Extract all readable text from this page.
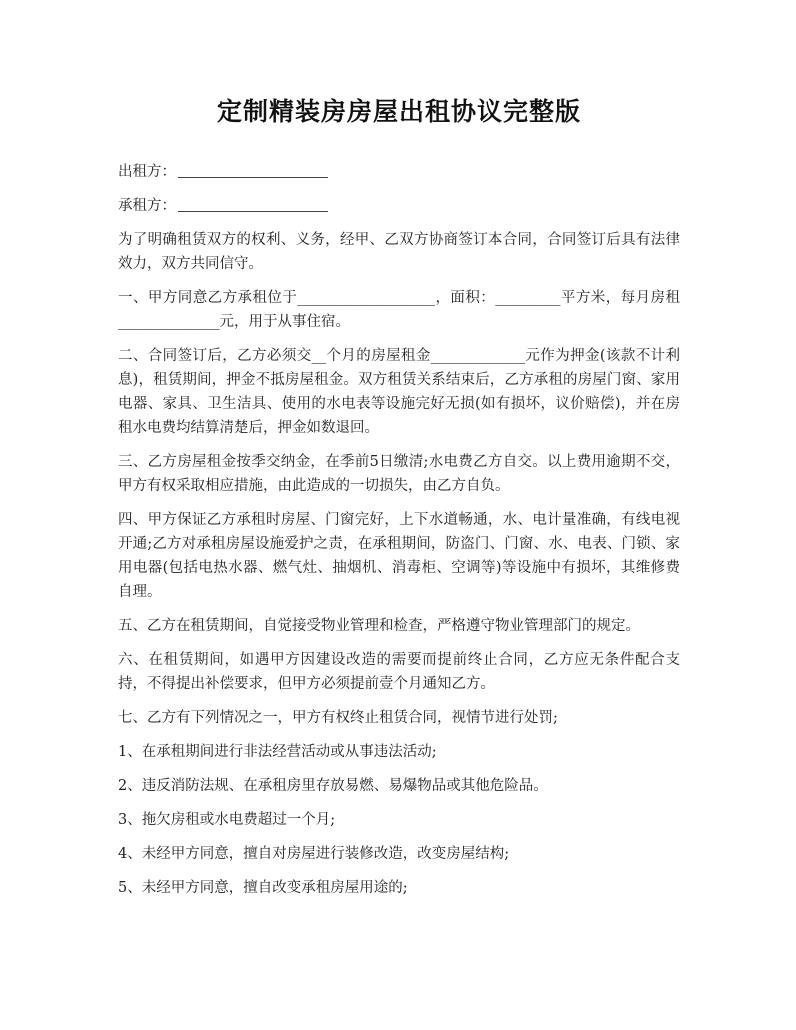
定制精装房房屋出租协议完整版
出租方：
承租方：

为了明确租赁双方的权利、义务，经甲、乙双方协商签订本合同，合同签订后具有法律效力，双方共同信守。

一、甲方同意乙方承租位于___________________，面积：_________平方米，每月房租______________元，用于从事住宿。

二、合同签订后，乙方必须交__个月的房屋租金_____________元作为押金(该款不计利息)，租赁期间，押金不抵房屋租金。双方租赁关系结束后，乙方承租的房屋门窗、家用电器、家具、卫生洁具、使用的水电表等设施完好无损(如有损坏，议价赔偿)，并在房租水电费均结算清楚后，押金如数退回。

三、乙方房屋租金按季交纳金，在季前5日缴清;水电费乙方自交。以上费用逾期不交，甲方有权采取相应措施，由此造成的一切损失，由乙方自负。

四、甲方保证乙方承租时房屋、门窗完好，上下水道畅通，水、电计量准确，有线电视开通;乙方对承租房屋设施爱护之责，在承租期间，防盗门、门窗、水、电表、门锁、家用电器(包括电热水器、燃气灶、抽烟机、消毒柜、空调等)等设施中有损坏，其维修费自理。

五、乙方在租赁期间，自觉接受物业管理和检查，严格遵守物业管理部门的规定。

六、在租赁期间，如遇甲方因建设改造的需要而提前终止合同，乙方应无条件配合支持，不得提出补偿要求，但甲方必须提前壹个月通知乙方。

七、乙方有下列情况之一，甲方有权终止租赁合同，视情节进行处罚;

1、在承租期间进行非法经营活动或从事违法活动;

2、违反消防法规、在承租房里存放易燃、易爆物品或其他危险品。

3、拖欠房租或水电费超过一个月;

4、未经甲方同意，擅自对房屋进行装修改造，改变房屋结构;

5、未经甲方同意，擅自改变承租房屋用途的;
